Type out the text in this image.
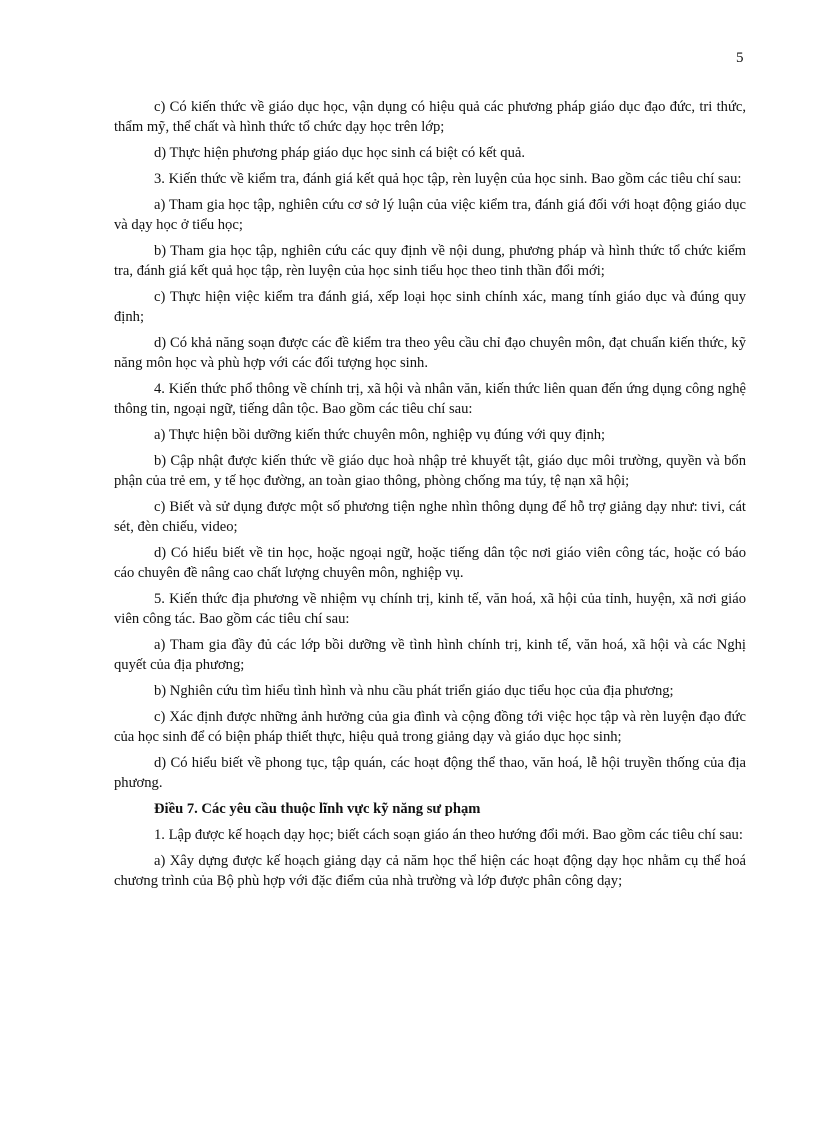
5

c) Có kiến thức về giáo dục học, vận dụng có hiệu quả các phương pháp giáo dục đạo đức, tri thức, thẩm mỹ, thể chất và hình thức tổ chức dạy học trên lớp;

d) Thực hiện phương pháp giáo dục học sinh cá biệt có kết quả.

3. Kiến thức về kiểm tra, đánh giá kết quả học tập, rèn luyện của học sinh. Bao gồm các tiêu chí sau:

a) Tham gia học tập, nghiên cứu cơ sở lý luận của việc kiểm tra, đánh giá đối với hoạt động giáo dục và dạy học ở tiểu học;

b) Tham gia học tập, nghiên cứu các quy định về nội dung, phương pháp và hình thức tổ chức kiểm tra, đánh giá kết quả học tập, rèn luyện của học sinh tiểu học theo tinh thần đổi mới;

c) Thực hiện việc kiểm tra đánh giá, xếp loại học sinh chính xác, mang tính giáo dục và đúng quy định;

d) Có khả năng soạn được các đề kiểm tra theo yêu cầu chỉ đạo chuyên môn, đạt chuẩn kiến thức, kỹ năng môn học và phù hợp với các đối tượng học sinh.

4. Kiến thức phổ thông về chính trị, xã hội và nhân văn, kiến thức liên quan đến ứng dụng công nghệ thông tin, ngoại ngữ, tiếng dân tộc. Bao gồm các tiêu chí sau:

a) Thực hiện bồi dưỡng kiến thức chuyên môn, nghiệp vụ đúng với quy định;

b) Cập nhật được kiến thức về giáo dục hoà nhập trẻ khuyết tật, giáo dục môi trường, quyền và bổn phận của trẻ em, y tế học đường, an toàn giao thông, phòng chống ma túy, tệ nạn xã hội;

c) Biết và sử dụng được một số phương tiện nghe nhìn thông dụng để hỗ trợ giảng dạy như: tivi, cát sét, đèn chiếu, video;

d) Có hiểu biết về tin học, hoặc ngoại ngữ, hoặc tiếng dân tộc nơi giáo viên công tác, hoặc có báo cáo chuyên đề nâng cao chất lượng chuyên môn, nghiệp vụ.

5. Kiến thức địa phương về nhiệm vụ chính trị, kinh tế, văn hoá, xã hội của tỉnh, huyện, xã nơi giáo viên công tác. Bao gồm các tiêu chí sau:

a) Tham gia đầy đủ các lớp bồi dưỡng về tình hình chính trị, kinh tế, văn hoá, xã hội và các Nghị quyết của địa phương;

b) Nghiên cứu tìm hiểu tình hình và nhu cầu phát triển giáo dục tiểu học của địa phương;

c) Xác định được những ảnh hưởng của gia đình và cộng đồng tới việc học tập và rèn luyện đạo đức của học sinh để có biện pháp thiết thực, hiệu quả trong giảng dạy và giáo dục học sinh;

d) Có hiểu biết về phong tục, tập quán, các hoạt động thể thao, văn hoá, lễ hội truyền thống của địa phương.

Điều 7. Các yêu cầu thuộc lĩnh vực kỹ năng sư phạm

1. Lập được kế hoạch dạy học; biết cách soạn giáo án theo hướng đổi mới. Bao gồm các tiêu chí sau:

a) Xây dựng được kế hoạch giảng dạy cả năm học thể hiện các hoạt động dạy học nhằm cụ thể hoá chương trình của Bộ phù hợp với đặc điểm của nhà trường và lớp được phân công dạy;
